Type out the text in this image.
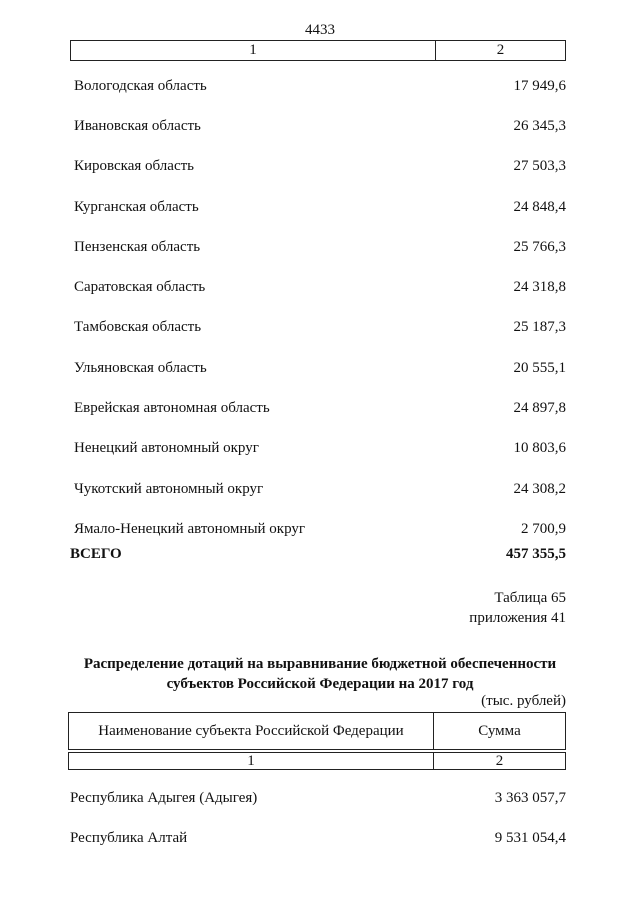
4433
1	2
Вологодская область	17 949,6
Ивановская область	26 345,3
Кировская область	27 503,3
Курганская область	24 848,4
Пензенская область	25 766,3
Саратовская область	24 318,8
Тамбовская область	25 187,3
Ульяновская область	20 555,1
Еврейская автономная область	24 897,8
Ненецкий автономный округ	10 803,6
Чукотский автономный округ	24 308,2
Ямало-Ненецкий автономный округ	2 700,9
ВСЕГО	457 355,5
Таблица 65
приложения 41
Распределение дотаций на выравнивание бюджетной обеспеченности
субъектов Российской Федерации на 2017 год
(тыс. рублей)
Наименование субъекта Российской Федерации	Сумма
1	2
Республика Адыгея (Адыгея)	3 363 057,7
Республика Алтай	9 531 054,4
